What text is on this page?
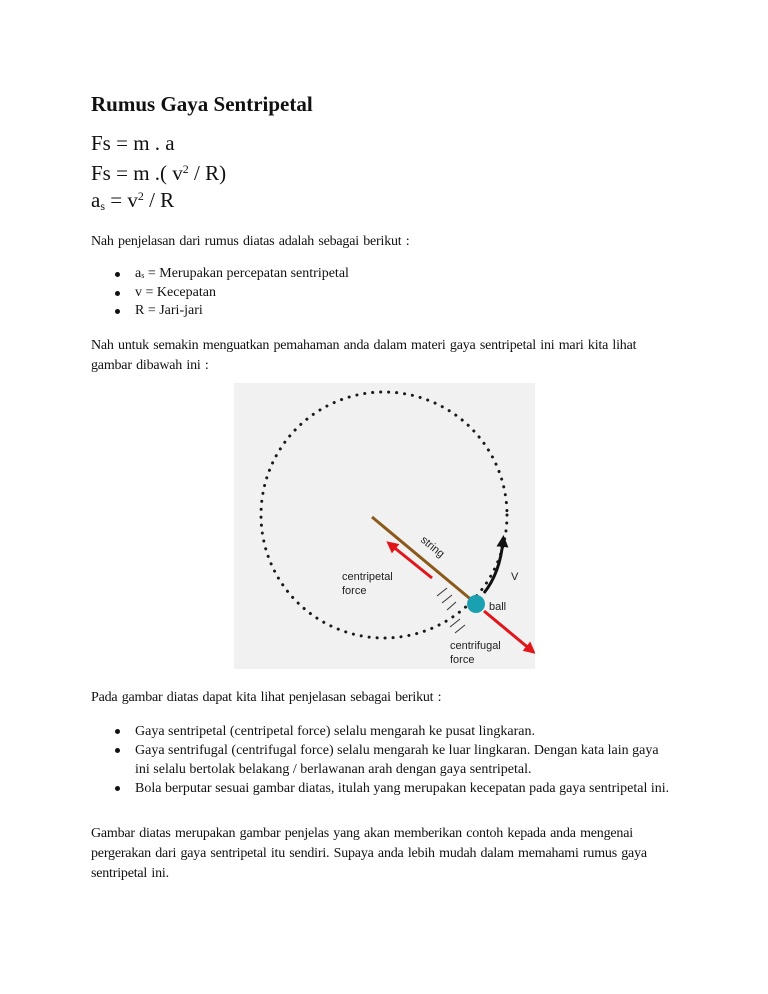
Rumus Gaya Sentripetal
Fs = m . a
Fs = m .( $v^2 / R$)
$a_s = v^2 / R$
Nah penjelasan dari rumus diatas adalah sebagai berikut :
$a_s$ = Merupakan percepatan sentripetal
v = Kecepatan
R = Jari-jari
Nah untuk semakin menguatkan pemahaman anda dalam materi gaya sentripetal ini mari kita lihat gambar dibawah ini :
string
V
ball
centripetal
force
centrifugal
force
Pada gambar diatas dapat kita lihat penjelasan sebagai berikut :
Gaya sentripetal (centripetal force) selalu mengarah ke pusat lingkaran.
Gaya sentrifugal (centrifugal force) selalu mengarah ke luar lingkaran. Dengan kata lain gaya ini selalu bertolak belakang / berlawanan arah dengan gaya sentripetal.
Bola berputar sesuai gambar diatas, itulah yang merupakan kecepatan pada gaya sentripetal ini.
Gambar diatas merupakan gambar penjelas yang akan memberikan contoh kepada anda mengenai pergerakan dari gaya sentripetal itu sendiri. Supaya anda lebih mudah dalam memahami rumus gaya sentripetal ini.
